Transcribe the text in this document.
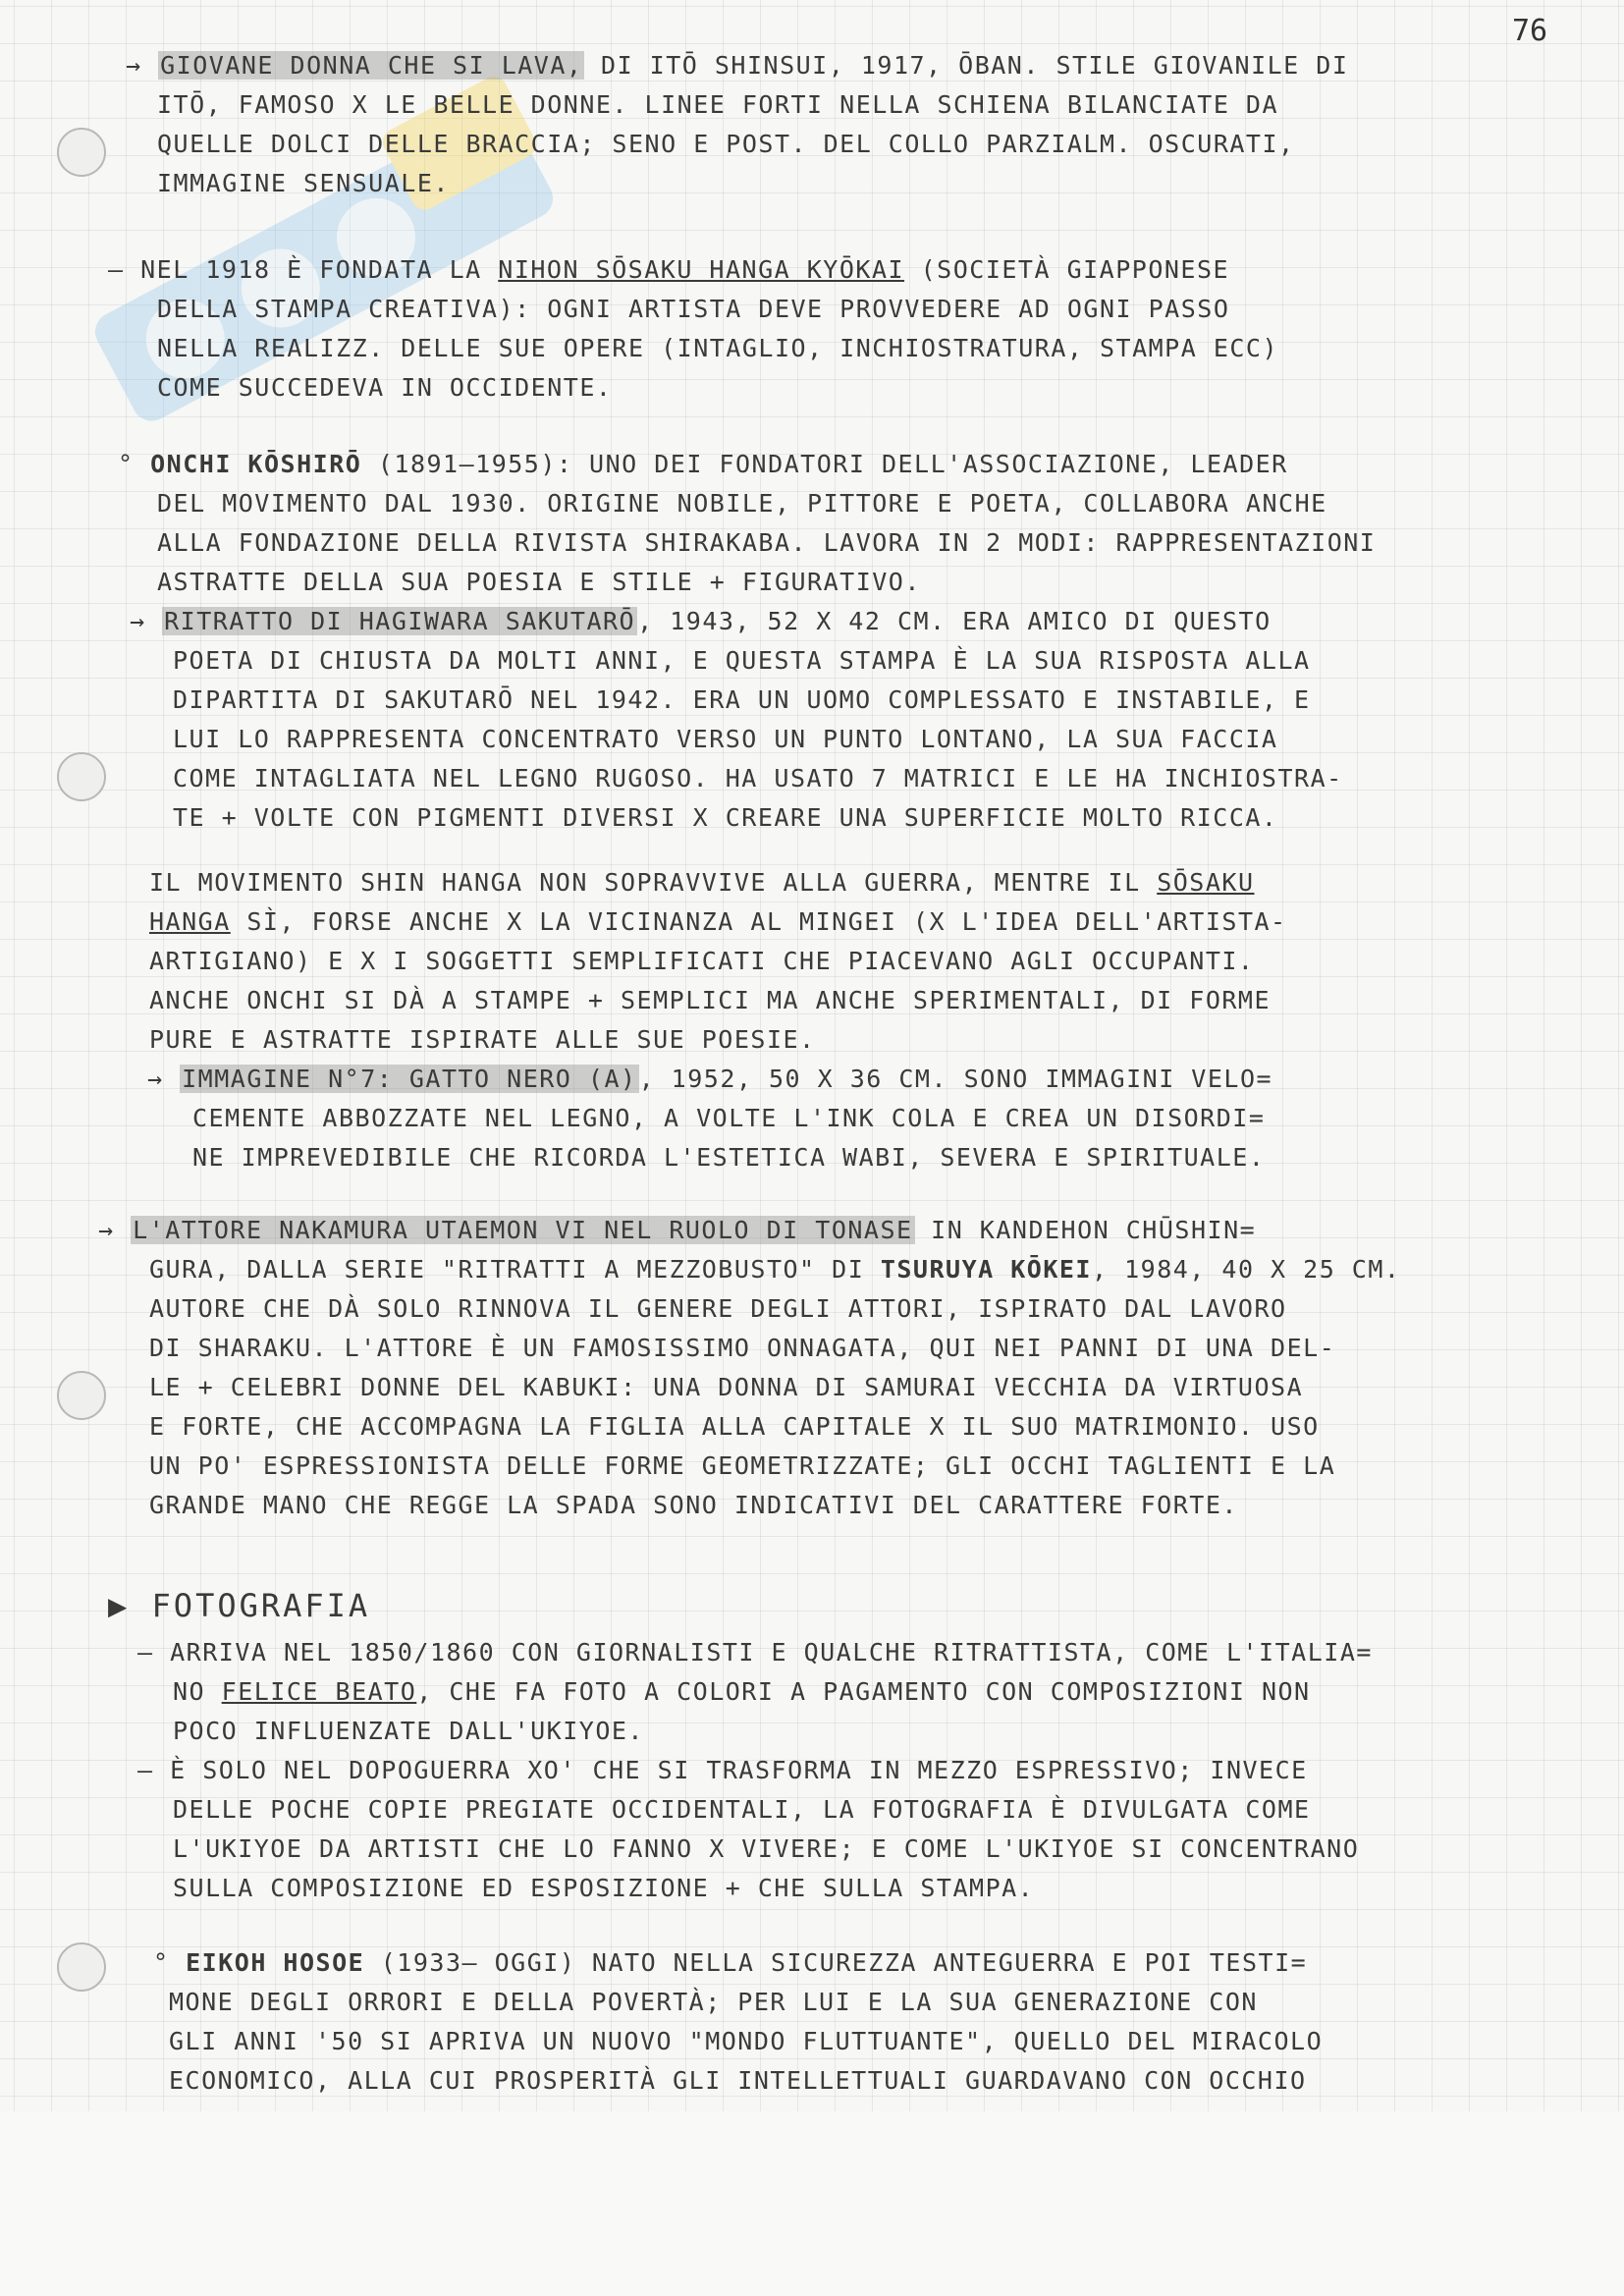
76
→ GIOVANE DONNA CHE SI LAVA, DI ITŌ SHINSUI, 1917, ŌBAN. STILE GIOVANILE DI
ITŌ, FAMOSO X LE BELLE DONNE. LINEE FORTI NELLA SCHIENA BILANCIATE DA
QUELLE DOLCI DELLE BRACCIA; SENO E POST. DEL COLLO PARZIALM. OSCURATI,
IMMAGINE SENSUALE.
– NEL 1918 È FONDATA LA NIHON SŌSAKU HANGA KYŌKAI (SOCIETÀ GIAPPONESE
DELLA STAMPA CREATIVA): OGNI ARTISTA DEVE PROVVEDERE AD OGNI PASSO
NELLA REALIZZ. DELLE SUE OPERE (INTAGLIO, INCHIOSTRATURA, STAMPA ECC)
COME SUCCEDEVA IN OCCIDENTE.
° ONCHI KŌSHIRŌ (1891–1955): UNO DEI FONDATORI DELL'ASSOCIAZIONE, LEADER
DEL MOVIMENTO DAL 1930. ORIGINE NOBILE, PITTORE E POETA, COLLABORA ANCHE
ALLA FONDAZIONE DELLA RIVISTA SHIRAKABA. LAVORA IN 2 MODI: RAPPRESENTAZIONI
ASTRATTE DELLA SUA POESIA E STILE + FIGURATIVO.
→ RITRATTO DI HAGIWARA SAKUTARŌ, 1943, 52 X 42 CM. ERA AMICO DI QUESTO
POETA DI CHIUSTA DA MOLTI ANNI, E QUESTA STAMPA È LA SUA RISPOSTA ALLA
DIPARTITA DI SAKUTARŌ NEL 1942. ERA UN UOMO COMPLESSATO E INSTABILE, E
LUI LO RAPPRESENTA CONCENTRATO VERSO UN PUNTO LONTANO, LA SUA FACCIA
COME INTAGLIATA NEL LEGNO RUGOSO. HA USATO 7 MATRICI E LE HA INCHIOSTRA-
TE + VOLTE CON PIGMENTI DIVERSI X CREARE UNA SUPERFICIE MOLTO RICCA.
IL MOVIMENTO SHIN HANGA NON SOPRAVVIVE ALLA GUERRA, MENTRE IL SŌSAKU
HANGA SÌ, FORSE ANCHE X LA VICINANZA AL MINGEI (X L'IDEA DELL'ARTISTA-
ARTIGIANO) E X I SOGGETTI SEMPLIFICATI CHE PIACEVANO AGLI OCCUPANTI.
ANCHE ONCHI SI DÀ A STAMPE + SEMPLICI MA ANCHE SPERIMENTALI, DI FORME
PURE E ASTRATTE ISPIRATE ALLE SUE POESIE.
→ IMMAGINE N°7: GATTO NERO (A), 1952, 50 X 36 CM. SONO IMMAGINI VELO=
CEMENTE ABBOZZATE NEL LEGNO, A VOLTE L'INK COLA E CREA UN DISORDI=
NE IMPREVEDIBILE CHE RICORDA L'ESTETICA WABI, SEVERA E SPIRITUALE.
→ L'ATTORE NAKAMURA UTAEMON VI NEL RUOLO DI TONASE IN KANDEHON CHŪSHIN=
GURA, DALLA SERIE "RITRATTI A MEZZOBUSTO" DI TSURUYA KŌKEI, 1984, 40 X 25 CM.
AUTORE CHE DÀ SOLO RINNOVA IL GENERE DEGLI ATTORI, ISPIRATO DAL LAVORO
DI SHARAKU. L'ATTORE È UN FAMOSISSIMO ONNAGATA, QUI NEI PANNI DI UNA DEL-
LE + CELEBRI DONNE DEL KABUKI: UNA DONNA DI SAMURAI VECCHIA DA VIRTUOSA
E FORTE, CHE ACCOMPAGNA LA FIGLIA ALLA CAPITALE X IL SUO MATRIMONIO. USO
UN PO' ESPRESSIONISTA DELLE FORME GEOMETRIZZATE; GLI OCCHI TAGLIENTI E LA
GRANDE MANO CHE REGGE LA SPADA SONO INDICATIVI DEL CARATTERE FORTE.
▶ FOTOGRAFIA
– ARRIVA NEL 1850/1860 CON GIORNALISTI E QUALCHE RITRATTISTA, COME L'ITALIA=
NO FELICE BEATO, CHE FA FOTO A COLORI A PAGAMENTO CON COMPOSIZIONI NON
POCO INFLUENZATE DALL'UKIYOE.
– È SOLO NEL DOPOGUERRA XO' CHE SI TRASFORMA IN MEZZO ESPRESSIVO; INVECE
DELLE POCHE COPIE PREGIATE OCCIDENTALI, LA FOTOGRAFIA È DIVULGATA COME
L'UKIYOE DA ARTISTI CHE LO FANNO X VIVERE; E COME L'UKIYOE SI CONCENTRANO
SULLA COMPOSIZIONE ED ESPOSIZIONE + CHE SULLA STAMPA.
° EIKOH HOSOE (1933– OGGI) NATO NELLA SICUREZZA ANTEGUERRA E POI TESTI=
MONE DEGLI ORRORI E DELLA POVERTÀ; PER LUI E LA SUA GENERAZIONE CON
GLI ANNI '50 SI APRIVA UN NUOVO "MONDO FLUTTUANTE", QUELLO DEL MIRACOLO
ECONOMICO, ALLA CUI PROSPERITÀ GLI INTELLETTUALI GUARDAVANO CON OCCHIO
